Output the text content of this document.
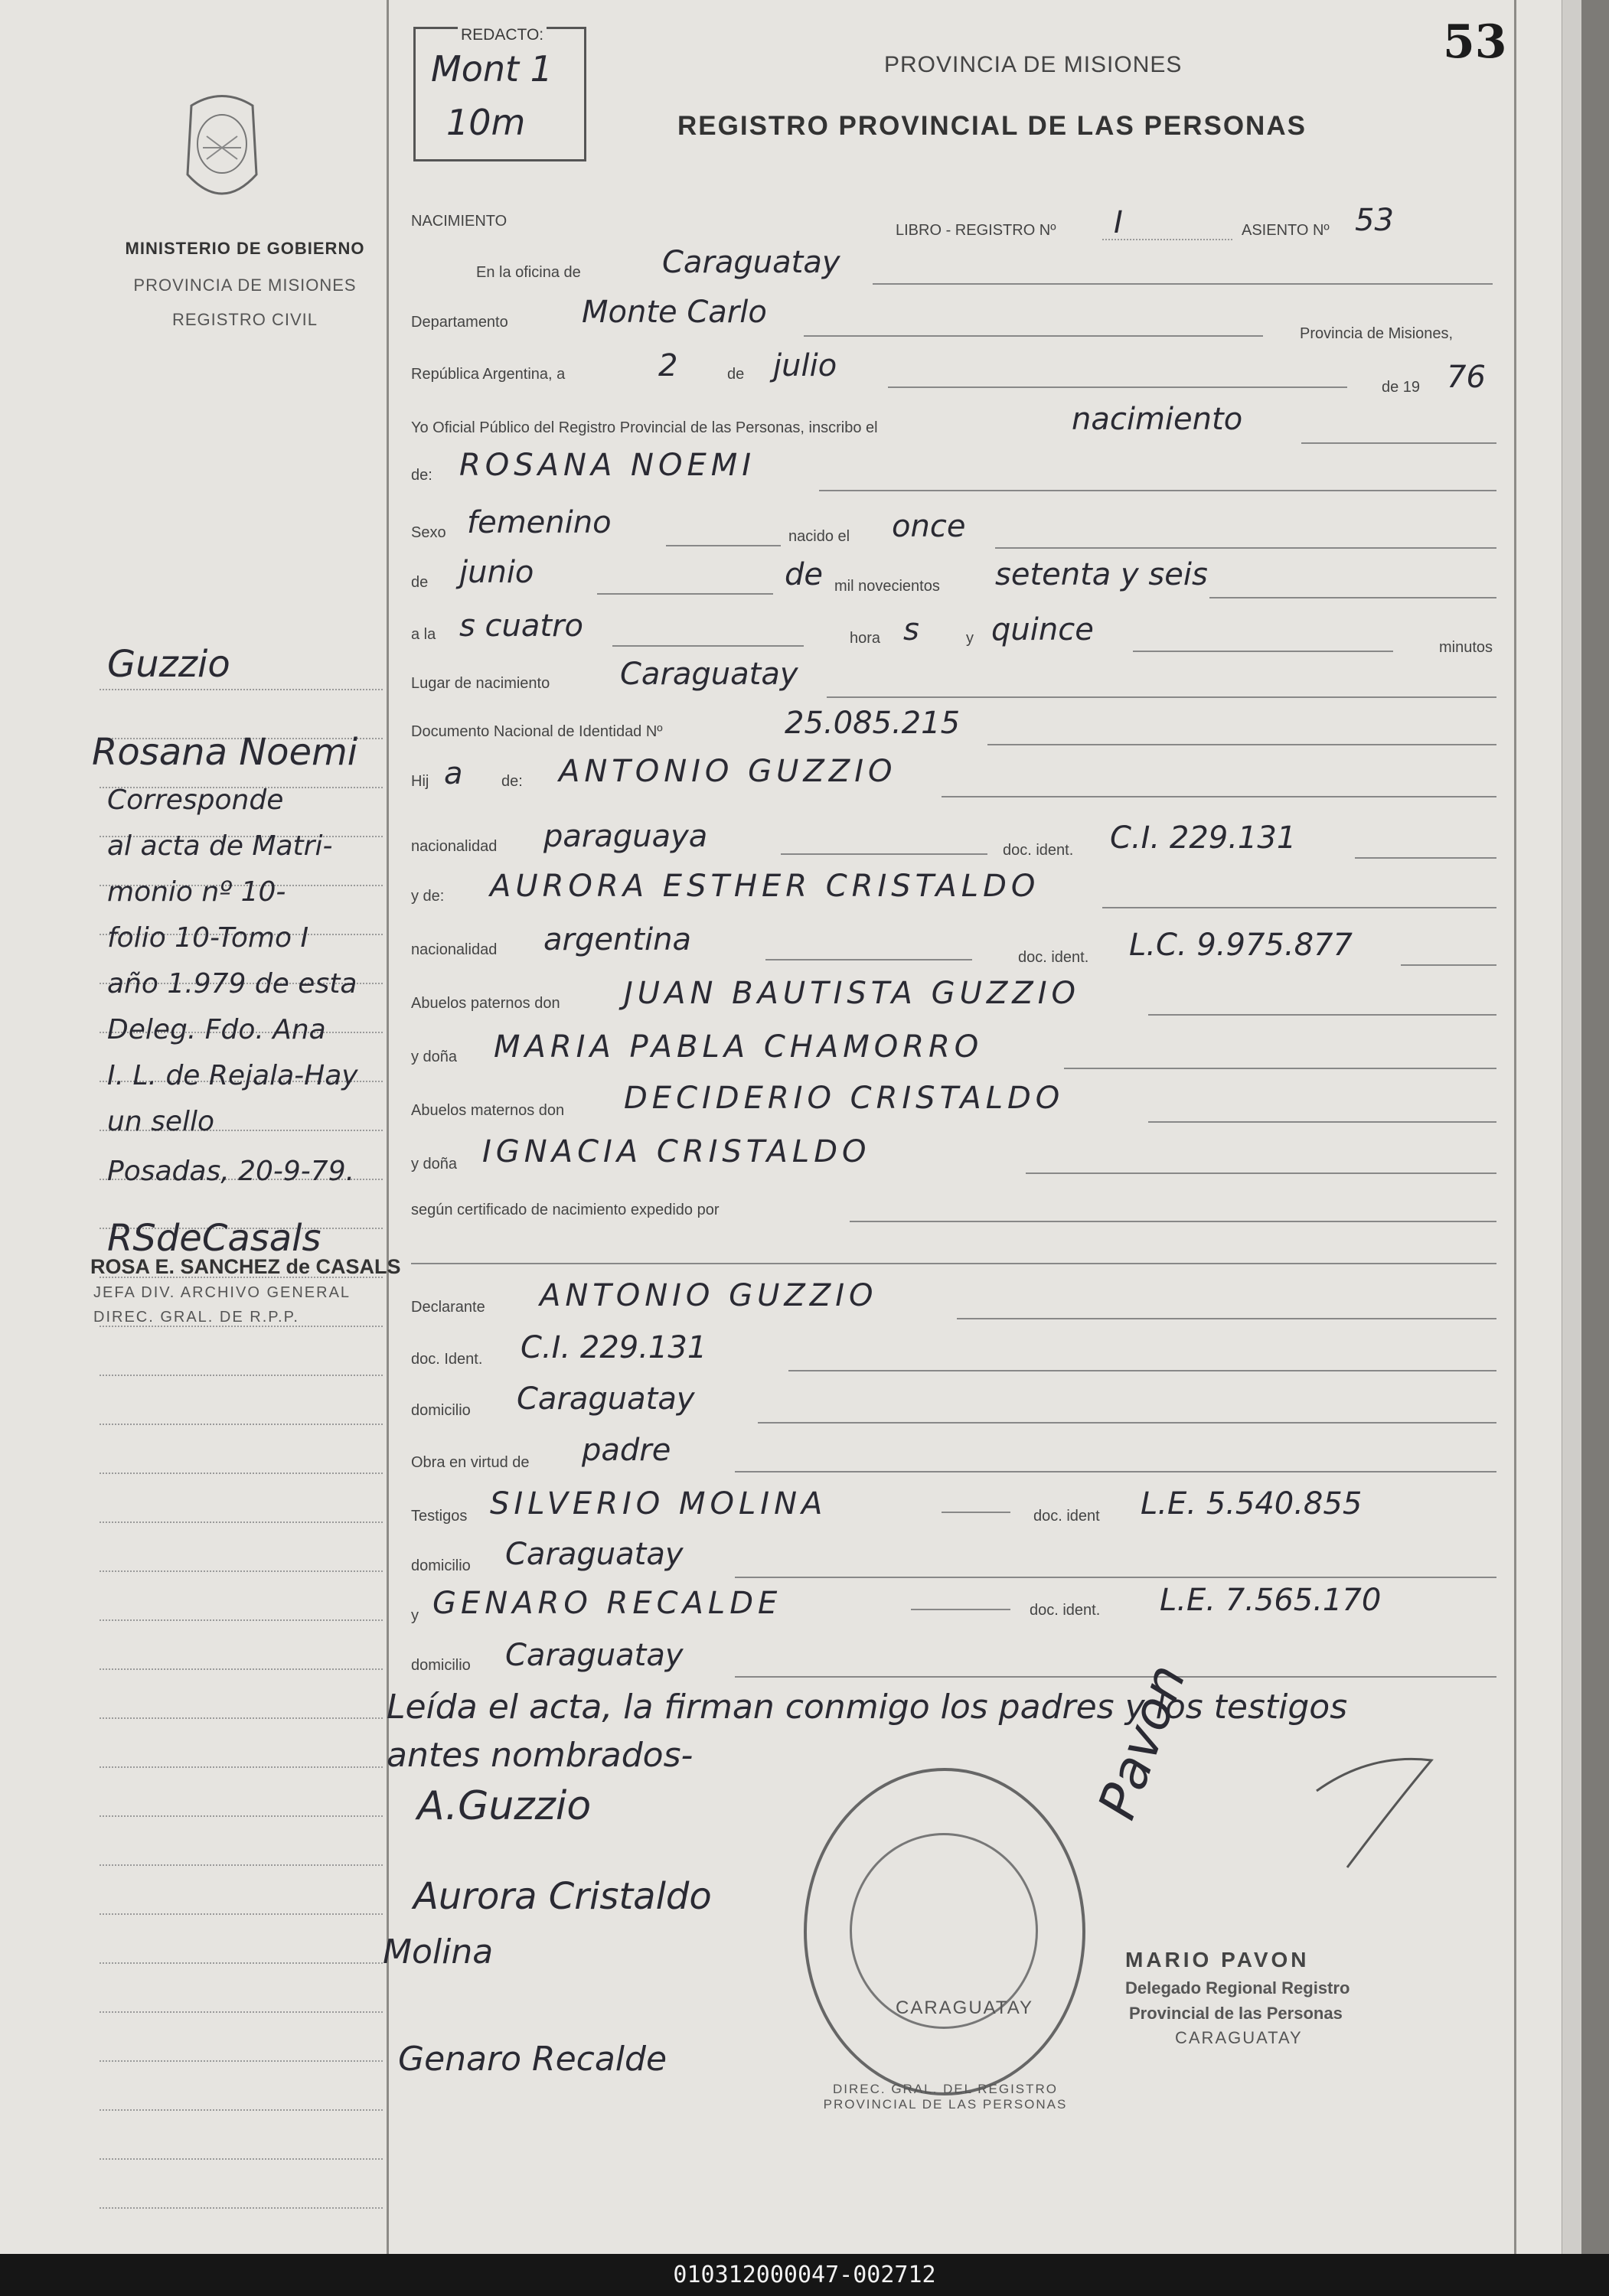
53
REDACTO:
Mont 1
10m
PROVINCIA DE MISIONES
REGISTRO PROVINCIAL DE LAS PERSONAS
MINISTERIO DE GOBIERNO
PROVINCIA DE MISIONES
REGISTRO CIVIL
Guzzio
Rosana Noemi
Corresponde
al acta de Matri-
monio nº 10-
folio 10-Tomo I
año 1.979 de esta
Deleg. Fdo. Ana
I. L. de Rejala-Hay
un sello
Posadas, 20-9-79.
RSdeCasals
ROSA E. SANCHEZ de CASALS
JEFA DIV. ARCHIVO GENERAL
DIREC. GRAL. DE R.P.P.
NACIMIENTO
LIBRO - REGISTRO Nº I	ASIENTO Nº 53
En la oficina de	Caraguatay
Departamento Monte Carlo
Provincia de Misiones,
República Argentina, a	2	de julio
de 19 76
Yo Oficial Público del Registro Provincial de las Personas, inscribo el	nacimiento
de: ROSANA NOEMI
Sexo femenino	nacido el once
de junio	de mil novecientos setenta y seis
a la s cuatro	hora s	y quince	minutos
Lugar de nacimiento Caraguatay
Documento Nacional de Identidad Nº	25.085.215
Hij a	de: ANTONIO GUZZIO
nacionalidad paraguaya	doc. ident. C.I. 229.131
y de: AURORA ESTHER CRISTALDO
nacionalidad argentina	doc. ident. L.C. 9.975.877
Abuelos paternos don JUAN BAUTISTA GUZZIO
y doña MARIA PABLA CHAMORRO
Abuelos maternos don DECIDERIO CRISTALDO
y doña IGNACIA CRISTALDO
según certificado de nacimiento expedido por
Declarante ANTONIO GUZZIO
doc. Ident. C.I. 229.131
domicilio Caraguatay
Obra en virtud de padre
Testigos SILVERIO MOLINA	doc. ident L.E. 5.540.855
domicilio Caraguatay
y GENARO RECALDE	doc. ident. L.E. 7.565.170
domicilio Caraguatay
Leída el acta, la firman conmigo los padres y los testigos
antes nombrados-
A.Guzzio
Aurora Cristaldo
Molina
Genaro Recalde
Pavon
DIREC. GRAL. DEL REGISTRO PROVINCIAL DE LAS PERSONAS
CARAGUATAY
MARIO PAVON
Delegado Regional Registro
Provincial de las Personas
CARAGUATAY
010312000047-002712
